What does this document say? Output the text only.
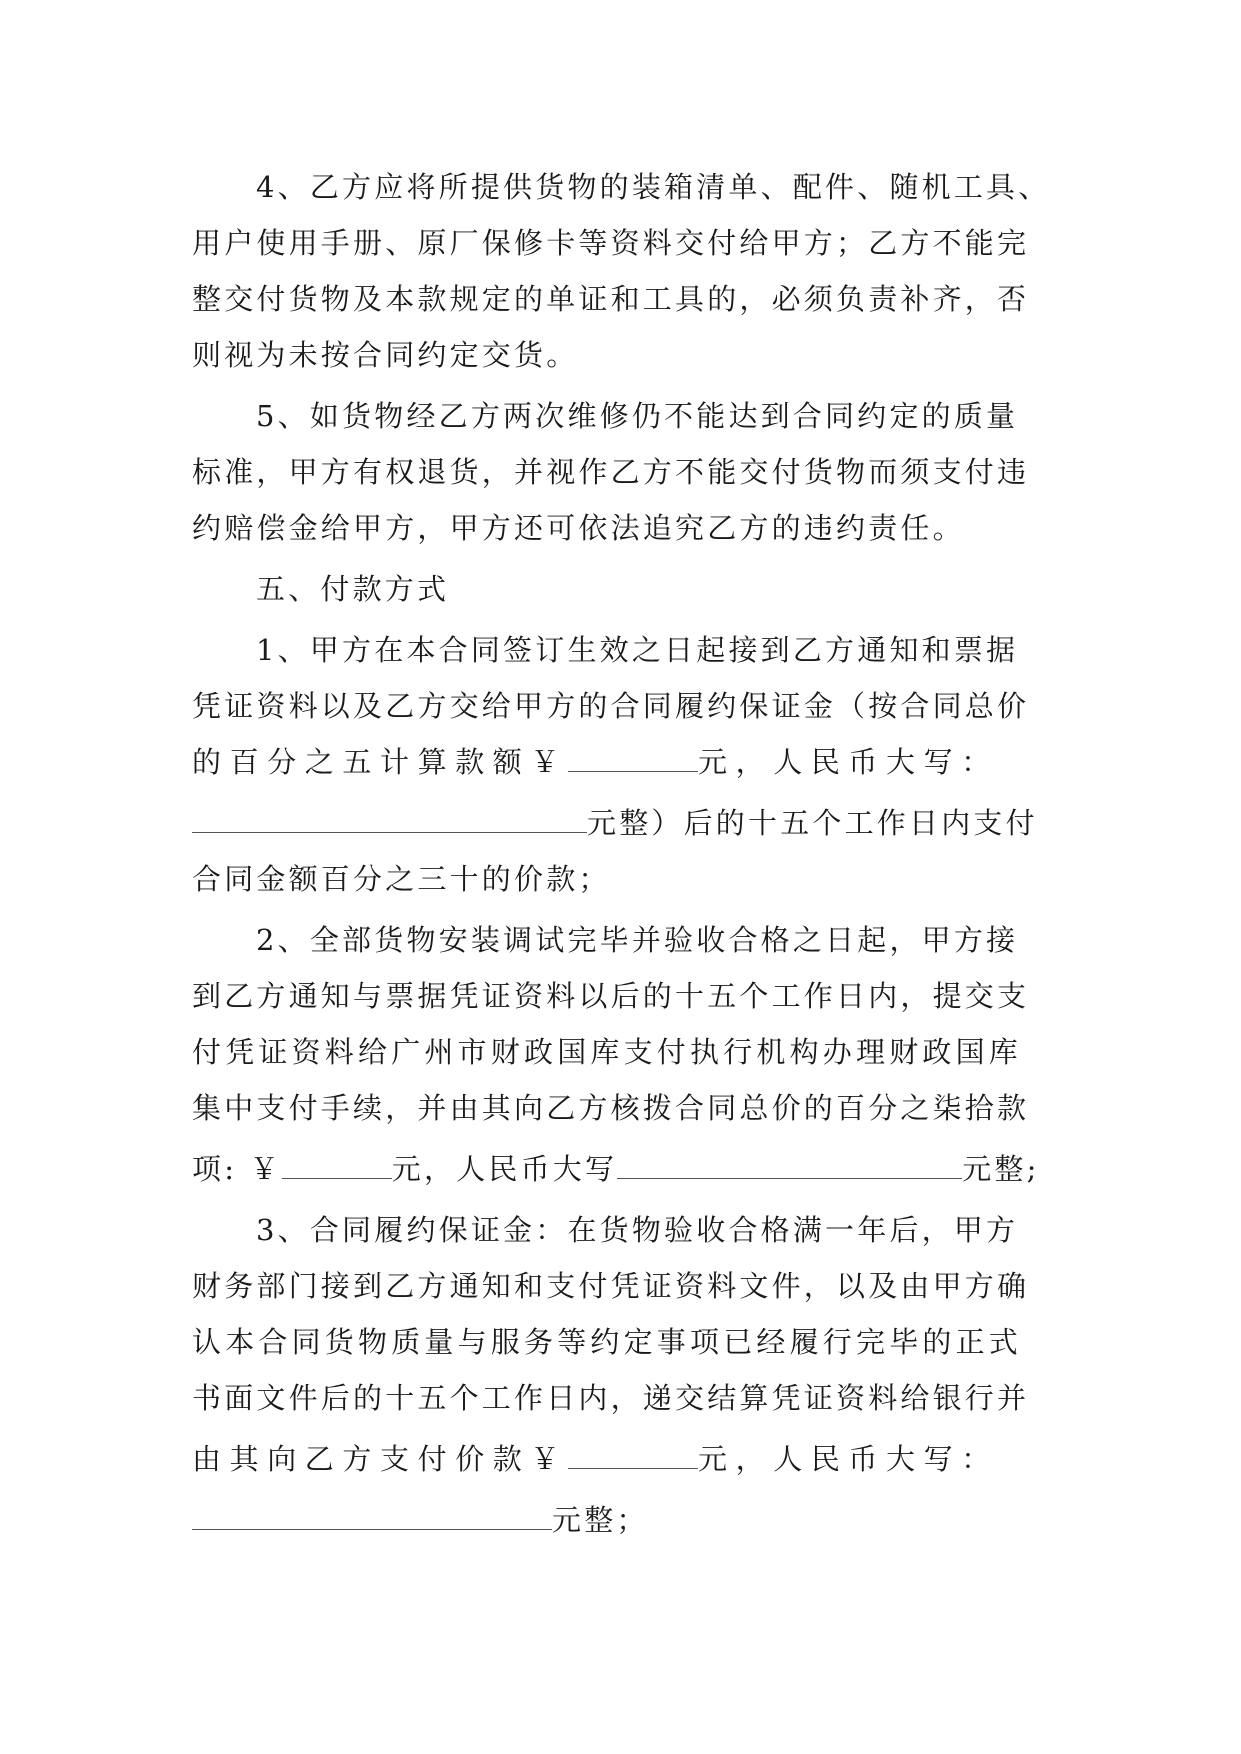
4、乙方应将所提供货物的装箱清单、配件、随机工具、
用户使用手册、原厂保修卡等资料交付给甲方；乙方不能完
整交付货物及本款规定的单证和工具的，必须负责补齐，否
则视为未按合同约定交货。
5、如货物经乙方两次维修仍不能达到合同约定的质量
标准，甲方有权退货，并视作乙方不能交付货物而须支付违
约赔偿金给甲方，甲方还可依法追究乙方的违约责任。
五、付款方式
1、甲方在本合同签订生效之日起接到乙方通知和票据
凭证资料以及乙方交给甲方的合同履约保证金（按合同总价
的百分之五计算款额￥	元，人民币大写：
元整）后的十五个工作日内支付
合同金额百分之三十的价款；
2、全部货物安装调试完毕并验收合格之日起，甲方接
到乙方通知与票据凭证资料以后的十五个工作日内，提交支
付凭证资料给广州市财政国库支付执行机构办理财政国库
集中支付手续，并由其向乙方核拨合同总价的百分之柒拾款
项: ￥	元，人民币大写	元整;
3、合同履约保证金：在货物验收合格满一年后，甲方
财务部门接到乙方通知和支付凭证资料文件，以及由甲方确
认本合同货物质量与服务等约定事项已经履行完毕的正式
书面文件后的十五个工作日内，递交结算凭证资料给银行并
由其向乙方支付价款￥	元，人民币大写：
元整；
